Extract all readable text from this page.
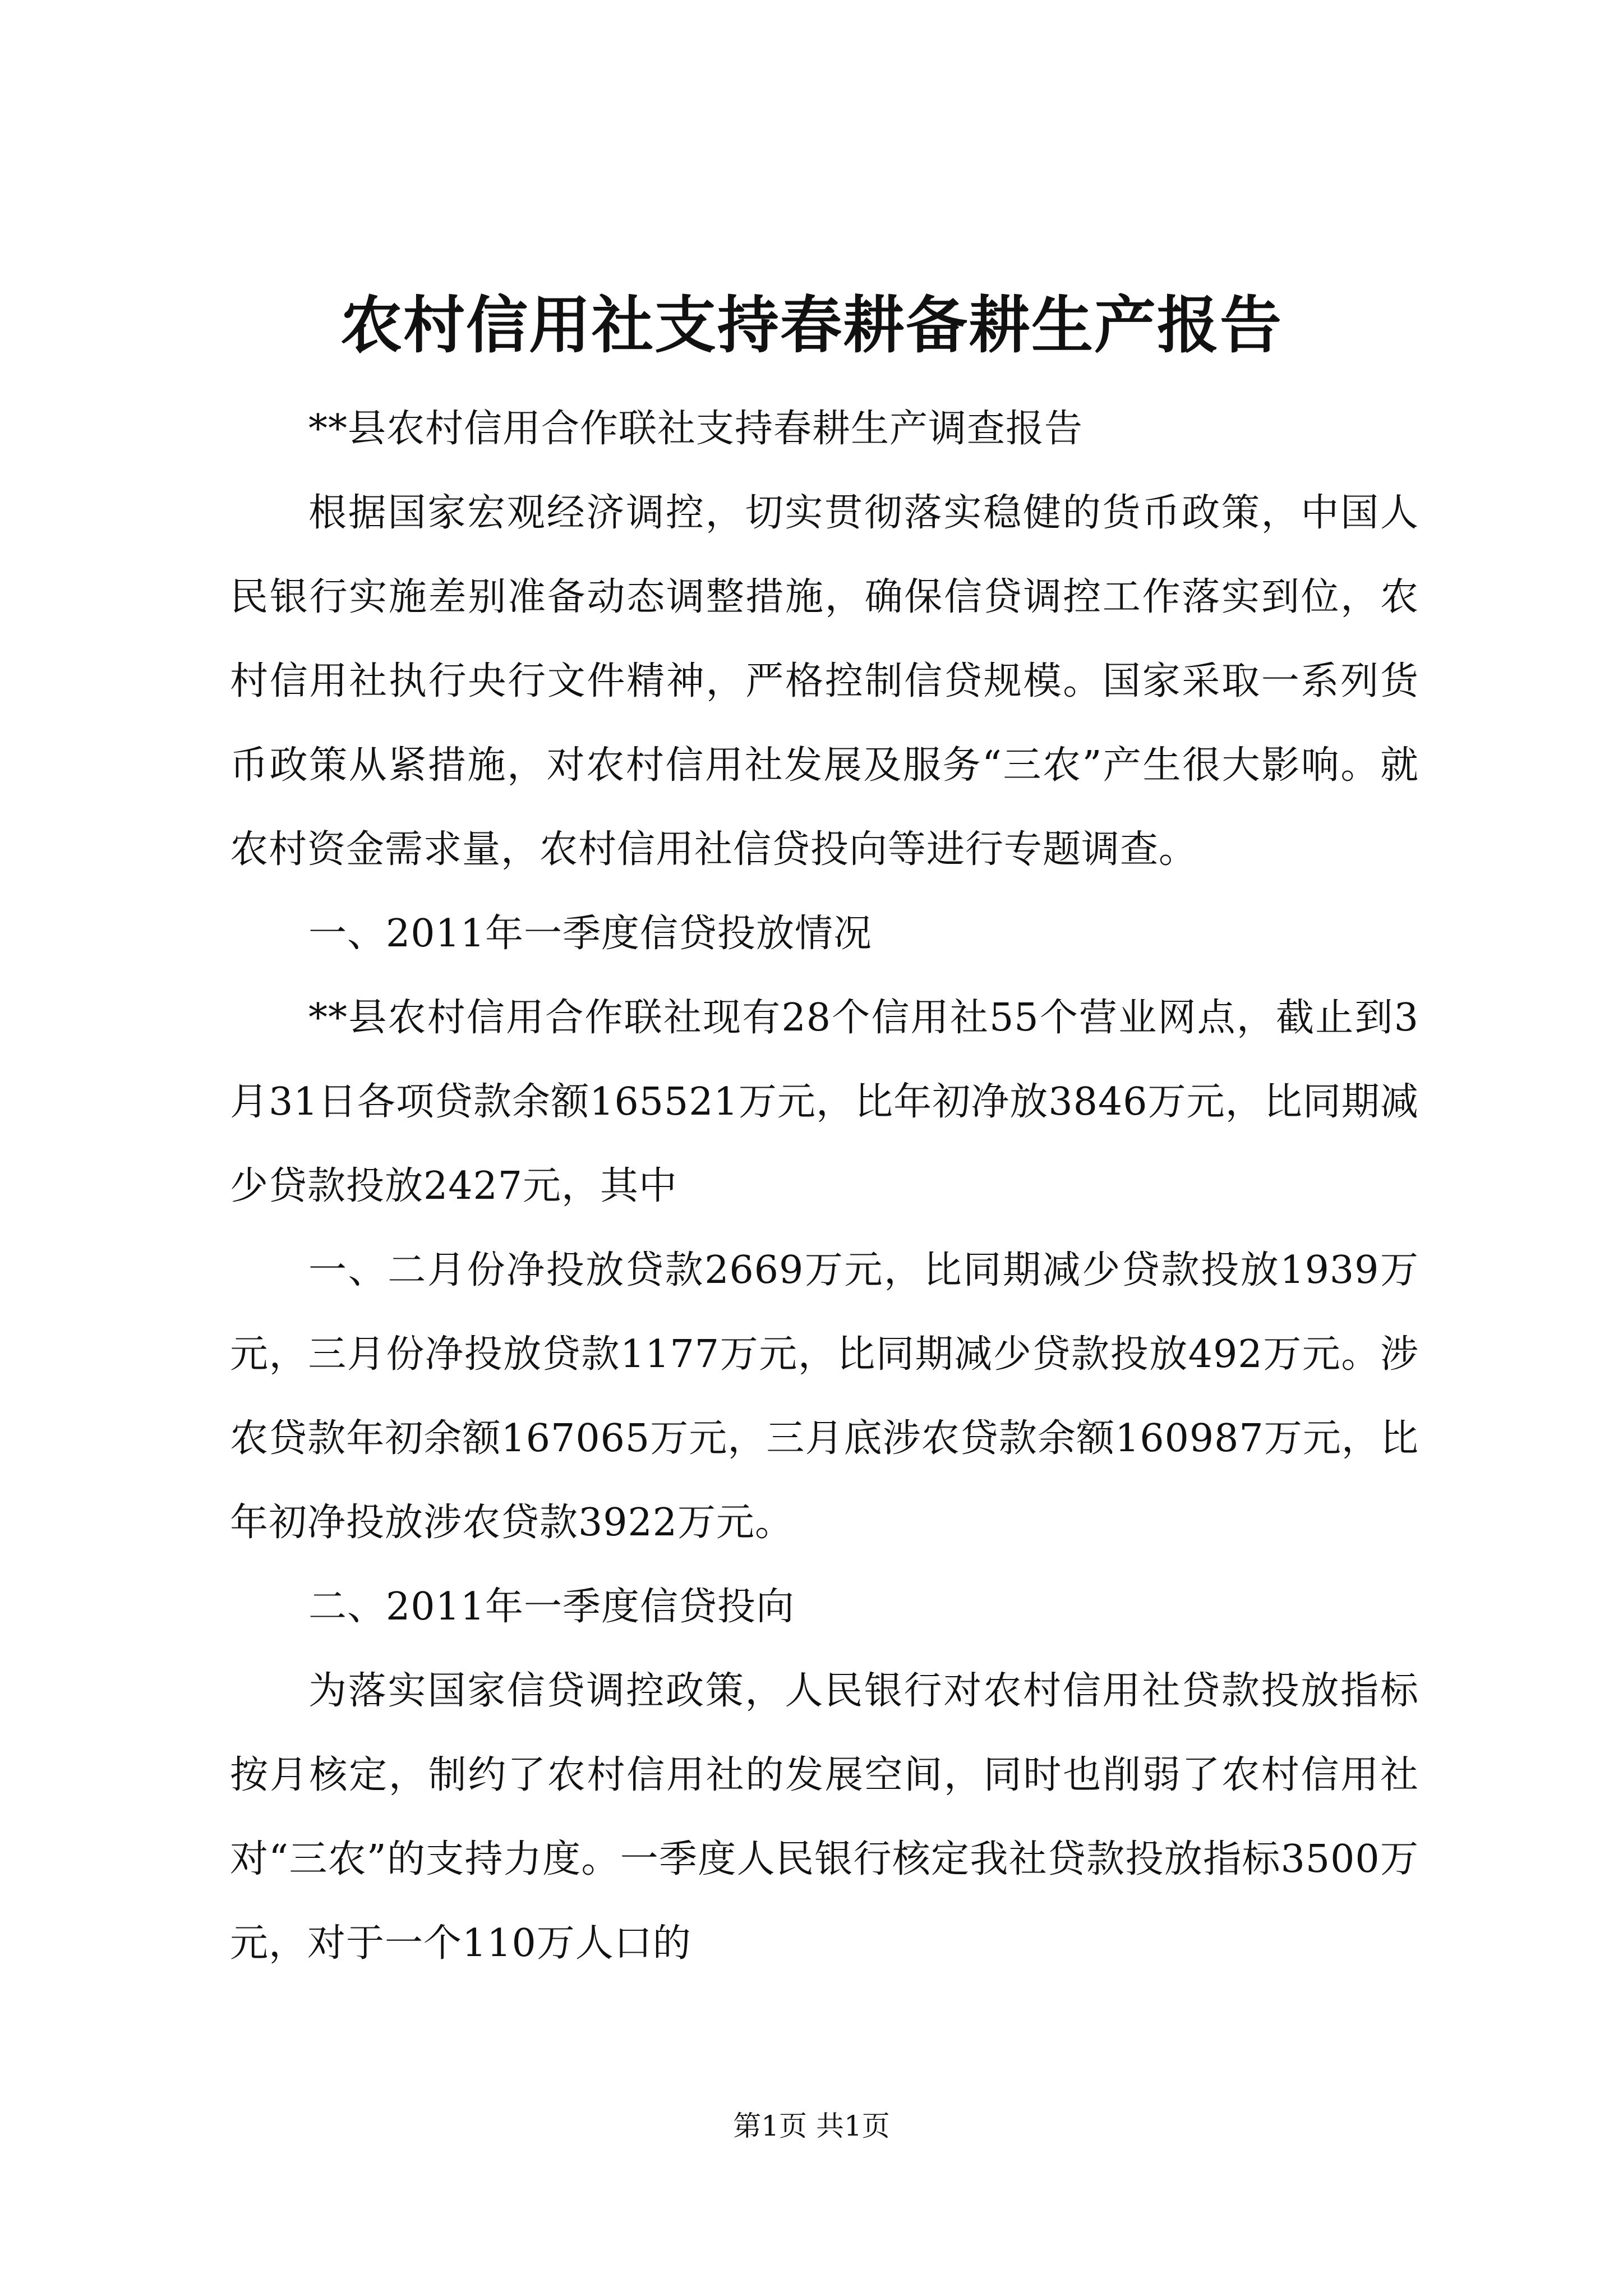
农村信用社支持春耕备耕生产报告

**县农村信用合作联社支持春耕生产调查报告

根据国家宏观经济调控，切实贯彻落实稳健的货币政策，中国人民银行实施差别准备动态调整措施，确保信贷调控工作落实到位，农村信用社执行央行文件精神，严格控制信贷规模。国家采取一系列货币政策从紧措施，对农村信用社发展及服务“三农”产生很大影响。就农村资金需求量，农村信用社信贷投向等进行专题调查。

一、2011年一季度信贷投放情况

**县农村信用合作联社现有28个信用社55个营业网点，截止到3月31日各项贷款余额165521万元，比年初净放3846万元，比同期减少贷款投放2427元，其中

一、二月份净投放贷款2669万元，比同期减少贷款投放1939万元，三月份净投放贷款1177万元，比同期减少贷款投放492万元。涉农贷款年初余额167065万元，三月底涉农贷款余额160987万元，比年初净投放涉农贷款3922万元。

二、2011年一季度信贷投向

为落实国家信贷调控政策，人民银行对农村信用社贷款投放指标按月核定，制约了农村信用社的发展空间，同时也削弱了农村信用社对“三农”的支持力度。一季度人民银行核定我社贷款投放指标3500万元，对于一个110万人口的

第1页 共1页
